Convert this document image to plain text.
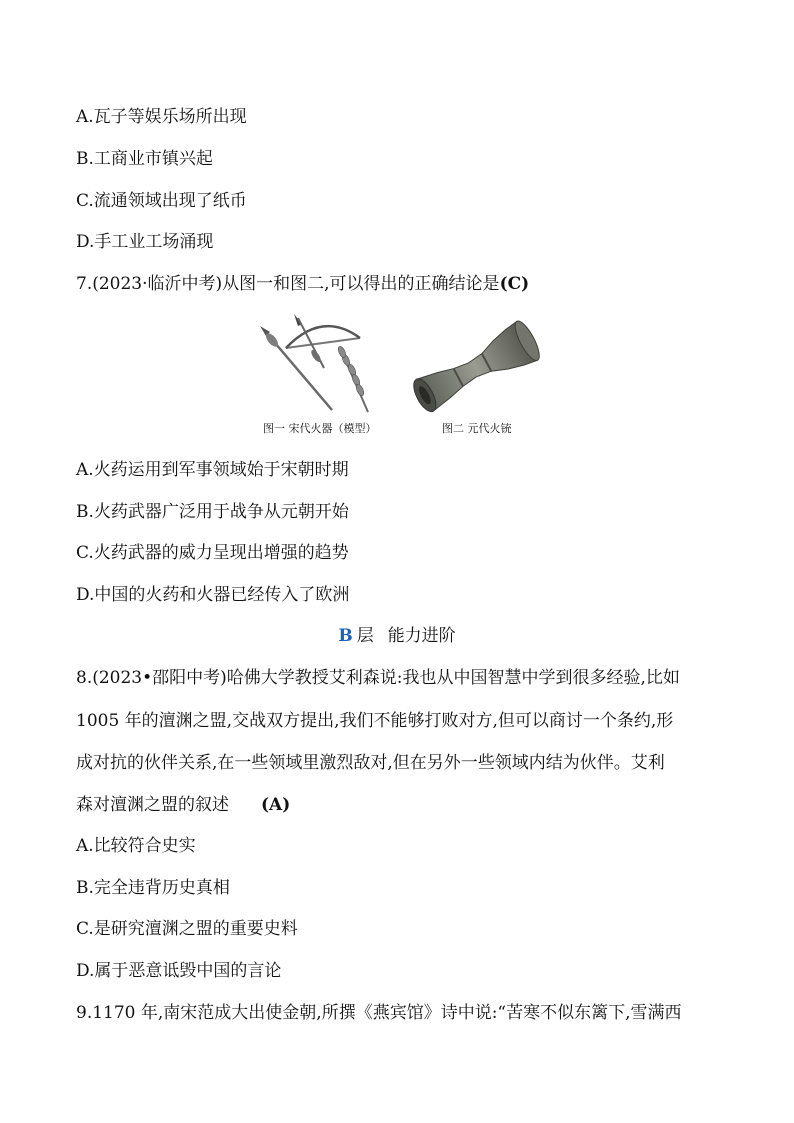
A.瓦子等娱乐场所出现
B.工商业市镇兴起
C.流通领域出现了纸币
D.手工业工场涌现
7.(2023·临沂中考)从图一和图二,可以得出的正确结论是(C)
图一 宋代火器（模型）	图二 元代火铳
A.火药运用到军事领域始于宋朝时期
B.火药武器广泛用于战争从元朝开始
C.火药武器的威力呈现出增强的趋势
D.中国的火药和火器已经传入了欧洲
B 层 能力进阶
8.(2023•邵阳中考)哈佛大学教授艾利森说:我也从中国智慧中学到很多经验,比如
1005 年的澶渊之盟,交战双方提出,我们不能够打败对方,但可以商讨一个条约,形
成对抗的伙伴关系,在一些领域里激烈敌对,但在另外一些领域内结为伙伴。艾利
森对澶渊之盟的叙述 (A)
A.比较符合史实
B.完全违背历史真相
C.是研究澶渊之盟的重要史料
D.属于恶意诋毁中国的言论
9.1170 年,南宋范成大出使金朝,所撰《燕宾馆》诗中说:“苦寒不似东篱下,雪满西
